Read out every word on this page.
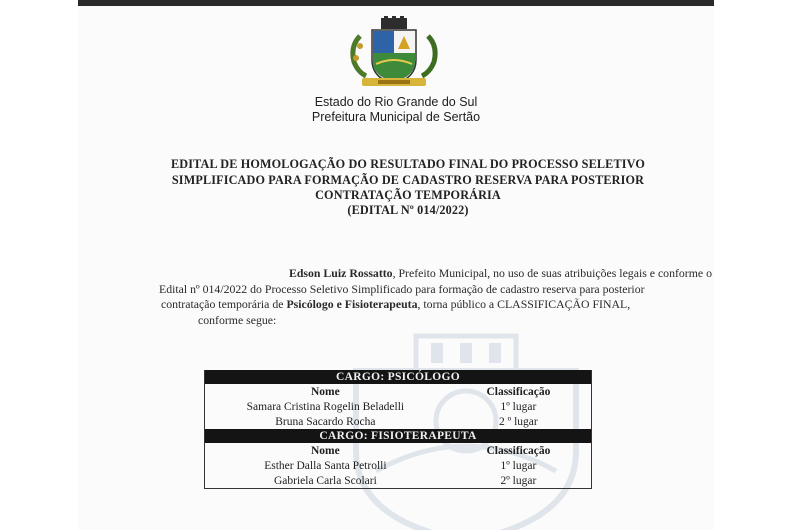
Estado do Rio Grande do Sul
Prefeitura Municipal de Sertão
EDITAL DE HOMOLOGAÇÃO DO RESULTADO FINAL DO PROCESSO SELETIVO
SIMPLIFICADO PARA FORMAÇÃO DE CADASTRO RESERVA PARA POSTERIOR
CONTRATAÇÃO TEMPORÁRIA
(EDITAL Nº 014/2022)

Edson Luiz Rossatto, Prefeito Municipal, no uso de suas atribuições legais e conforme o

Edital nº 014/2022 do Processo Seletivo Simplificado para formação de cadastro reserva para posterior

contratação temporária de Psicólogo e Fisioterapeuta, torna público a CLASSIFICAÇÃO FINAL,

conforme segue:

CARGO: PSICÓLOGO	
Nome	Classificação
Samara Cristina Rogelin Beladelli	1º lugar
Bruna Sacardo Rocha	2 º lugar
CARGO: FISIOTERAPEUTA	
Nome	Classificação
Esther Dalla Santa Petrolli	1º lugar
Gabriela Carla Scolari	2º lugar
